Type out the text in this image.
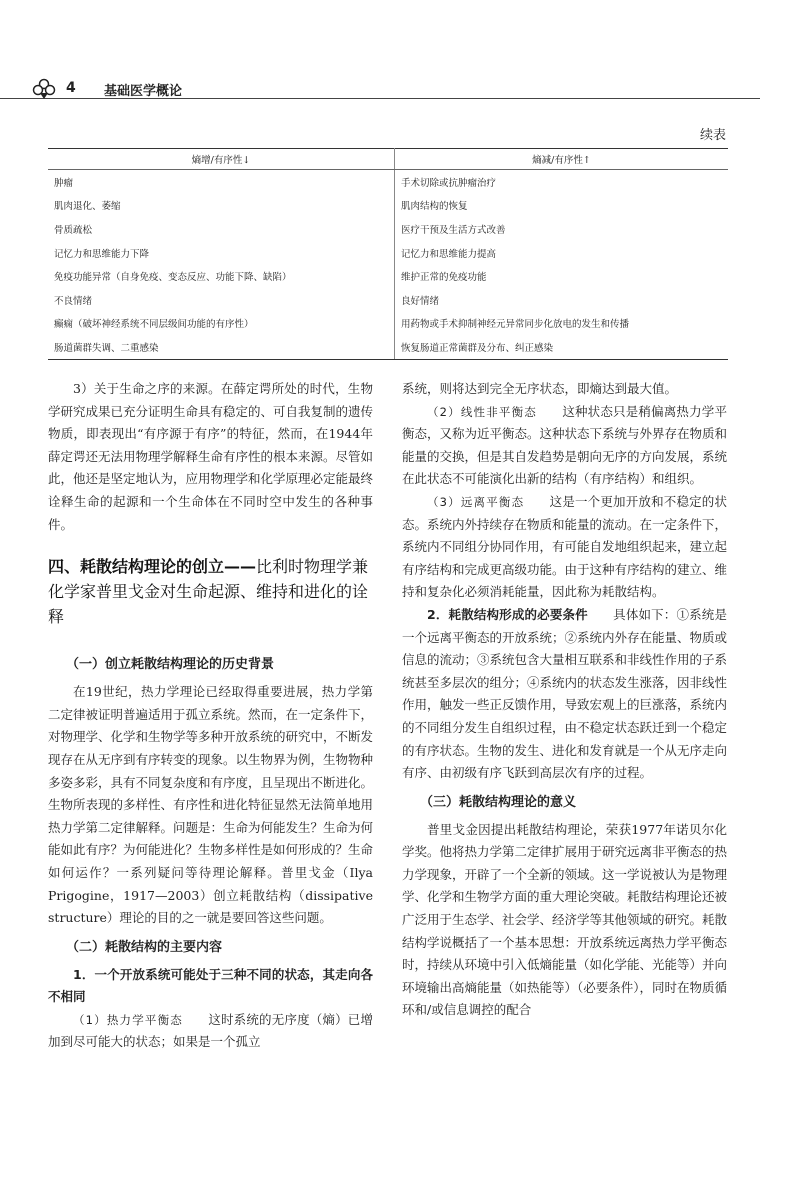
4 基础医学概论
续表
熵增/有序性↓	熵减/有序性↑
肿瘤	手术切除或抗肿瘤治疗
肌肉退化、萎缩	肌肉结构的恢复
骨质疏松	医疗干预及生活方式改善
记忆力和思维能力下降	记忆力和思维能力提高
免疫功能异常（自身免疫、变态反应、功能下降、缺陷）	维护正常的免疫功能
不良情绪	良好情绪
癫痫（破坏神经系统不同层级间功能的有序性）	用药物或手术抑制神经元异常同步化放电的发生和传播
肠道菌群失调、二重感染	恢复肠道正常菌群及分布、纠正感染

3）关于生命之序的来源。在薛定谔所处的时代，生物学研究成果已充分证明生命具有稳定的、可自我复制的遗传物质，即表现出“有序源于有序”的特征，然而，在1944年薛定谔还无法用物理学解释生命有序性的根本来源。尽管如此，他还是坚定地认为，应用物理学和化学原理必定能最终诠释生命的起源和一个生命体在不同时空中发生的各种事件。

四、耗散结构理论的创立——比利时物理学兼化学家普里戈金对生命起源、维持和进化的诠释
（一）创立耗散结构理论的历史背景

在19世纪，热力学理论已经取得重要进展，热力学第二定律被证明普遍适用于孤立系统。然而，在一定条件下，对物理学、化学和生物学等多种开放系统的研究中，不断发现存在从无序到有序转变的现象。以生物界为例，生物物种多姿多彩，具有不同复杂度和有序度，且呈现出不断进化。生物所表现的多样性、有序性和进化特征显然无法简单地用热力学第二定律解释。问题是：生命为何能发生？生命为何能如此有序？为何能进化？生物多样性是如何形成的？生命如何运作？一系列疑问等待理论解释。普里戈金（Ilya Prigogine，1917—2003）创立耗散结构（dissipative structure）理论的目的之一就是要回答这些问题。

（二）耗散结构的主要内容

1．一个开放系统可能处于三种不同的状态，其走向各不相同

（1）热力学平衡态　　 这时系统的无序度（熵）已增加到尽可能大的状态；如果是一个孤立

系统，则将达到完全无序状态，即熵达到最大值。

（2）线性非平衡态　　 这种状态只是稍偏离热力学平衡态，又称为近平衡态。这种状态下系统与外界存在物质和能量的交换，但是其自发趋势是朝向无序的方向发展，系统在此状态不可能演化出新的结构（有序结构）和组织。

（3）远离平衡态　　 这是一个更加开放和不稳定的状态。系统内外持续存在物质和能量的流动。在一定条件下，系统内不同组分协同作用，有可能自发地组织起来，建立起有序结构和完成更高级功能。由于这种有序结构的建立、维持和复杂化必须消耗能量，因此称为耗散结构。

2．耗散结构形成的必要条件　　 具体如下：①系统是一个远离平衡态的开放系统；②系统内外存在能量、物质或信息的流动；③系统包含大量相互联系和非线性作用的子系统甚至多层次的组分；④系统内的状态发生涨落，因非线性作用，触发一些正反馈作用，导致宏观上的巨涨落，系统内的不同组分发生自组织过程，由不稳定状态跃迁到一个稳定的有序状态。生物的发生、进化和发育就是一个从无序走向有序、由初级有序飞跃到高层次有序的过程。

（三）耗散结构理论的意义

普里戈金因提出耗散结构理论，荣获1977年诺贝尔化学奖。他将热力学第二定律扩展用于研究远离非平衡态的热力学现象，开辟了一个全新的领域。这一学说被认为是物理学、化学和生物学方面的重大理论突破。耗散结构理论还被广泛用于生态学、社会学、经济学等其他领域的研究。耗散结构学说概括了一个基本思想：开放系统远离热力学平衡态时，持续从环境中引入低熵能量（如化学能、光能等）并向环境输出高熵能量（如热能等）（必要条件），同时在物质循环和/或信息调控的配合
